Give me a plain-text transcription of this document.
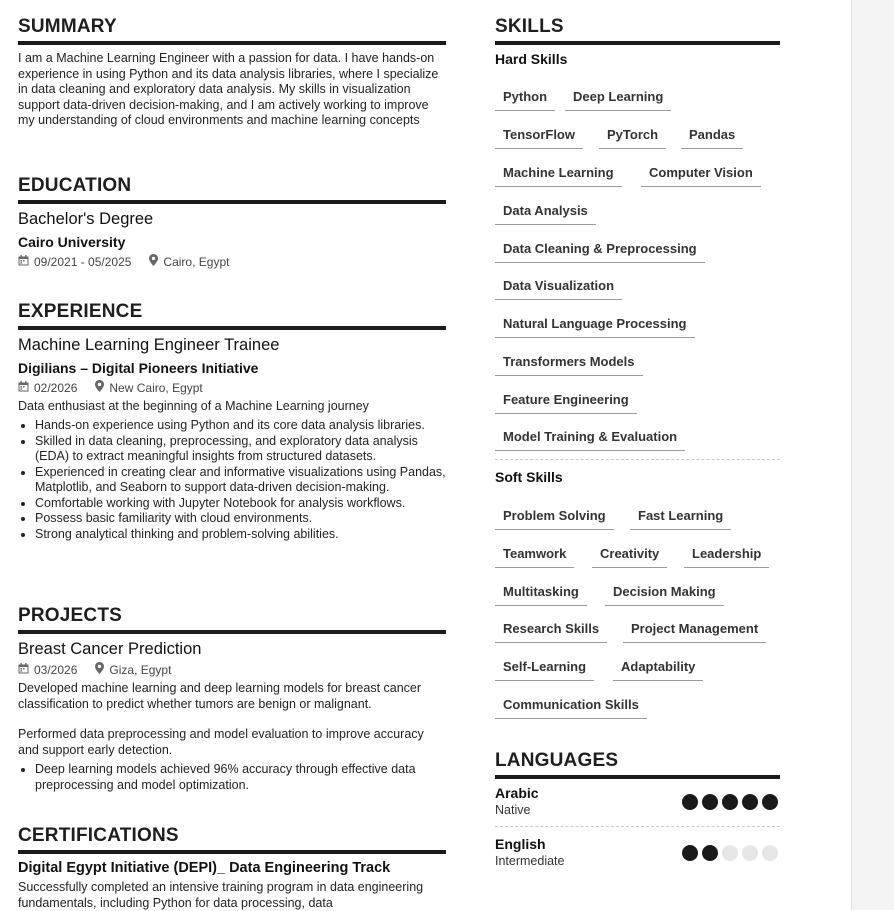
SUMMARY
I am a Machine Learning Engineer with a passion for data. I have hands-on experience in using Python and its data analysis libraries, where I specialize in data cleaning and exploratory data analysis. My skills in visualization support data-driven decision-making, and I am actively working to improve my understanding of cloud environments and machine learning concepts
EDUCATION
Bachelor's Degree
Cairo University
09/2021 - 05/2025	Cairo, Egypt
EXPERIENCE
Machine Learning Engineer Trainee
Digilians – Digital Pioneers Initiative
02/2026	New Cairo, Egypt
Data enthusiast at the beginning of a Machine Learning journey
• Hands-on experience using Python and its core data analysis libraries.
• Skilled in data cleaning, preprocessing, and exploratory data analysis (EDA) to extract meaningful insights from structured datasets.
• Experienced in creating clear and informative visualizations using Pandas, Matplotlib, and Seaborn to support data-driven decision-making.
• Comfortable working with Jupyter Notebook for analysis workflows.
• Possess basic familiarity with cloud environments.
• Strong analytical thinking and problem-solving abilities.
PROJECTS
Breast Cancer Prediction
03/2026	Giza, Egypt
Developed machine learning and deep learning models for breast cancer classification to predict whether tumors are benign or malignant.
Performed data preprocessing and model evaluation to improve accuracy and support early detection.
• Deep learning models achieved 96% accuracy through effective data preprocessing and model optimization.
CERTIFICATIONS
Digital Egypt Initiative (DEPI)_ Data Engineering Track
Successfully completed an intensive training program in data engineering fundamentals, including Python for data processing, data
SKILLS
Hard Skills
Python	Deep Learning
TensorFlow	PyTorch	Pandas
Machine Learning	Computer Vision
Data Analysis
Data Cleaning & Preprocessing
Data Visualization
Natural Language Processing
Transformers Models
Feature Engineering
Model Training & Evaluation
Soft Skills
Problem Solving	Fast Learning
Teamwork	Creativity	Leadership
Multitasking	Decision Making
Research Skills	Project Management
Self-Learning	Adaptability
Communication Skills
LANGUAGES
Arabic
Native
English
Intermediate
